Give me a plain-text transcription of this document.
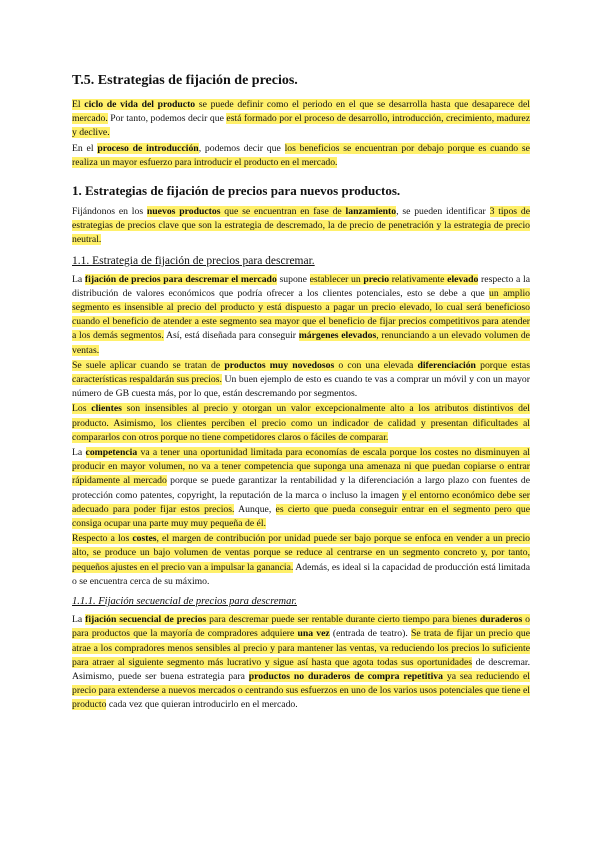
T.5. Estrategias de fijación de precios.

El ciclo de vida del producto se puede definir como el periodo en el que se desarrolla hasta que desaparece del mercado. Por tanto, podemos decir que está formado por el proceso de desarrollo, introducción, crecimiento, madurez y declive.

En el proceso de introducción, podemos decir que los beneficios se encuentran por debajo porque es cuando se realiza un mayor esfuerzo para introducir el producto en el mercado.

1. Estrategias de fijación de precios para nuevos productos.

Fijándonos en los nuevos productos que se encuentran en fase de lanzamiento, se pueden identificar 3 tipos de estrategias de precios clave que son la estrategia de descremado, la de precio de penetración y la estrategia de precio neutral.

1.1. Estrategia de fijación de precios para descremar.

La fijación de precios para descremar el mercado supone establecer un precio relativamente elevado respecto a la distribución de valores económicos que podría ofrecer a los clientes potenciales, esto se debe a que un amplio segmento es insensible al precio del producto y está dispuesto a pagar un precio elevado, lo cual será beneficioso cuando el beneficio de atender a este segmento sea mayor que el beneficio de fijar precios competitivos para atender a los demás segmentos. Así, está diseñada para conseguir márgenes elevados, renunciando a un elevado volumen de ventas.

Se suele aplicar cuando se tratan de productos muy novedosos o con una elevada diferenciación porque estas características respaldarán sus precios. Un buen ejemplo de esto es cuando te vas a comprar un móvil y con un mayor número de GB cuesta más, por lo que, están descremando por segmentos.

Los clientes son insensibles al precio y otorgan un valor excepcionalmente alto a los atributos distintivos del producto. Asimismo, los clientes perciben el precio como un indicador de calidad y presentan dificultades al compararlos con otros porque no tiene competidores claros o fáciles de comparar.

La competencia va a tener una oportunidad limitada para economías de escala porque los costes no disminuyen al producir en mayor volumen, no va a tener competencia que suponga una amenaza ni que puedan copiarse o entrar rápidamente al mercado porque se puede garantizar la rentabilidad y la diferenciación a largo plazo con fuentes de protección como patentes, copyright, la reputación de la marca o incluso la imagen y el entorno económico debe ser adecuado para poder fijar estos precios. Aunque, es cierto que pueda conseguir entrar en el segmento pero que consiga ocupar una parte muy muy pequeña de él.

Respecto a los costes, el margen de contribución por unidad puede ser bajo porque se enfoca en vender a un precio alto, se produce un bajo volumen de ventas porque se reduce al centrarse en un segmento concreto y, por tanto, pequeños ajustes en el precio van a impulsar la ganancia. Además, es ideal si la capacidad de producción está limitada o se encuentra cerca de su máximo.

1.1.1. Fijación secuencial de precios para descremar.

La fijación secuencial de precios para descremar puede ser rentable durante cierto tiempo para bienes duraderos o para productos que la mayoría de compradores adquiere una vez (entrada de teatro). Se trata de fijar un precio que atrae a los compradores menos sensibles al precio y para mantener las ventas, va reduciendo los precios lo suficiente para atraer al siguiente segmento más lucrativo y sigue así hasta que agota todas sus oportunidades de descremar. Asimismo, puede ser buena estrategia para productos no duraderos de compra repetitiva ya sea reduciendo el precio para extenderse a nuevos mercados o centrando sus esfuerzos en uno de los varios usos potenciales que tiene el producto cada vez que quieran introducirlo en el mercado.
